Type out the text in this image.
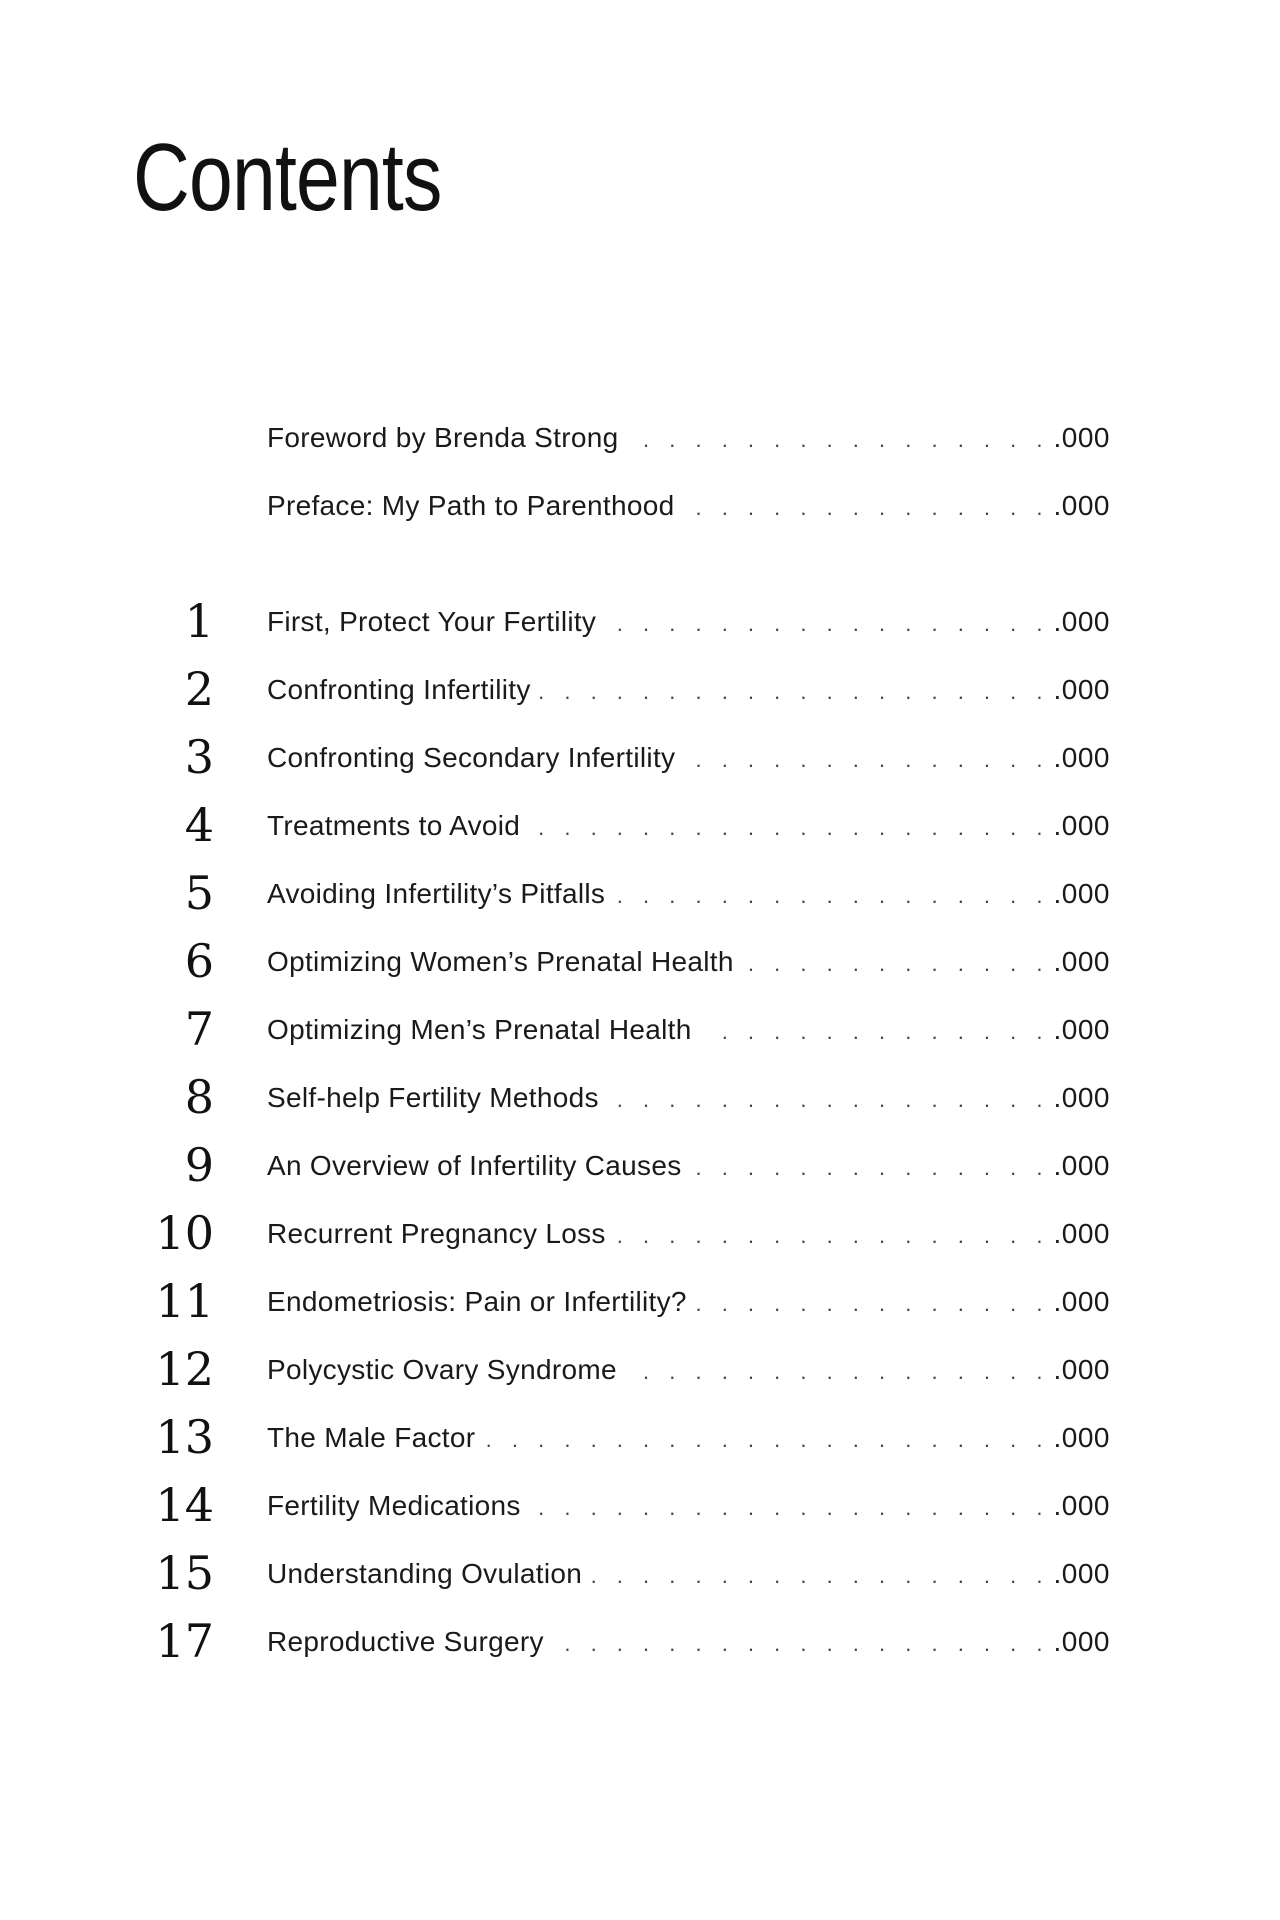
Contents
Foreword by Brenda Strong . . .	.000
Preface: My Path to Parenthood . . .	.000
1 First, Protect Your Fertility . . .	.000
2 Confronting Infertility . . .	.000
3 Confronting Secondary Infertility . . .	.000
4 Treatments to Avoid . . .	.000
5 Avoiding Infertility’s Pitfalls . . .	.000
6 Optimizing Women’s Prenatal Health . . .	.000
7 Optimizing Men’s Prenatal Health . . .	.000
8 Self-help Fertility Methods . . .	.000
9 An Overview of Infertility Causes . . .	.000
10 Recurrent Pregnancy Loss . . .	.000
11 Endometriosis: Pain or Infertility? . . .	.000
12 Polycystic Ovary Syndrome . . .	.000
13 The Male Factor . . .	.000
14 Fertility Medications . . .	.000
15 Understanding Ovulation . . .	.000
17 Reproductive Surgery . . .	.000
